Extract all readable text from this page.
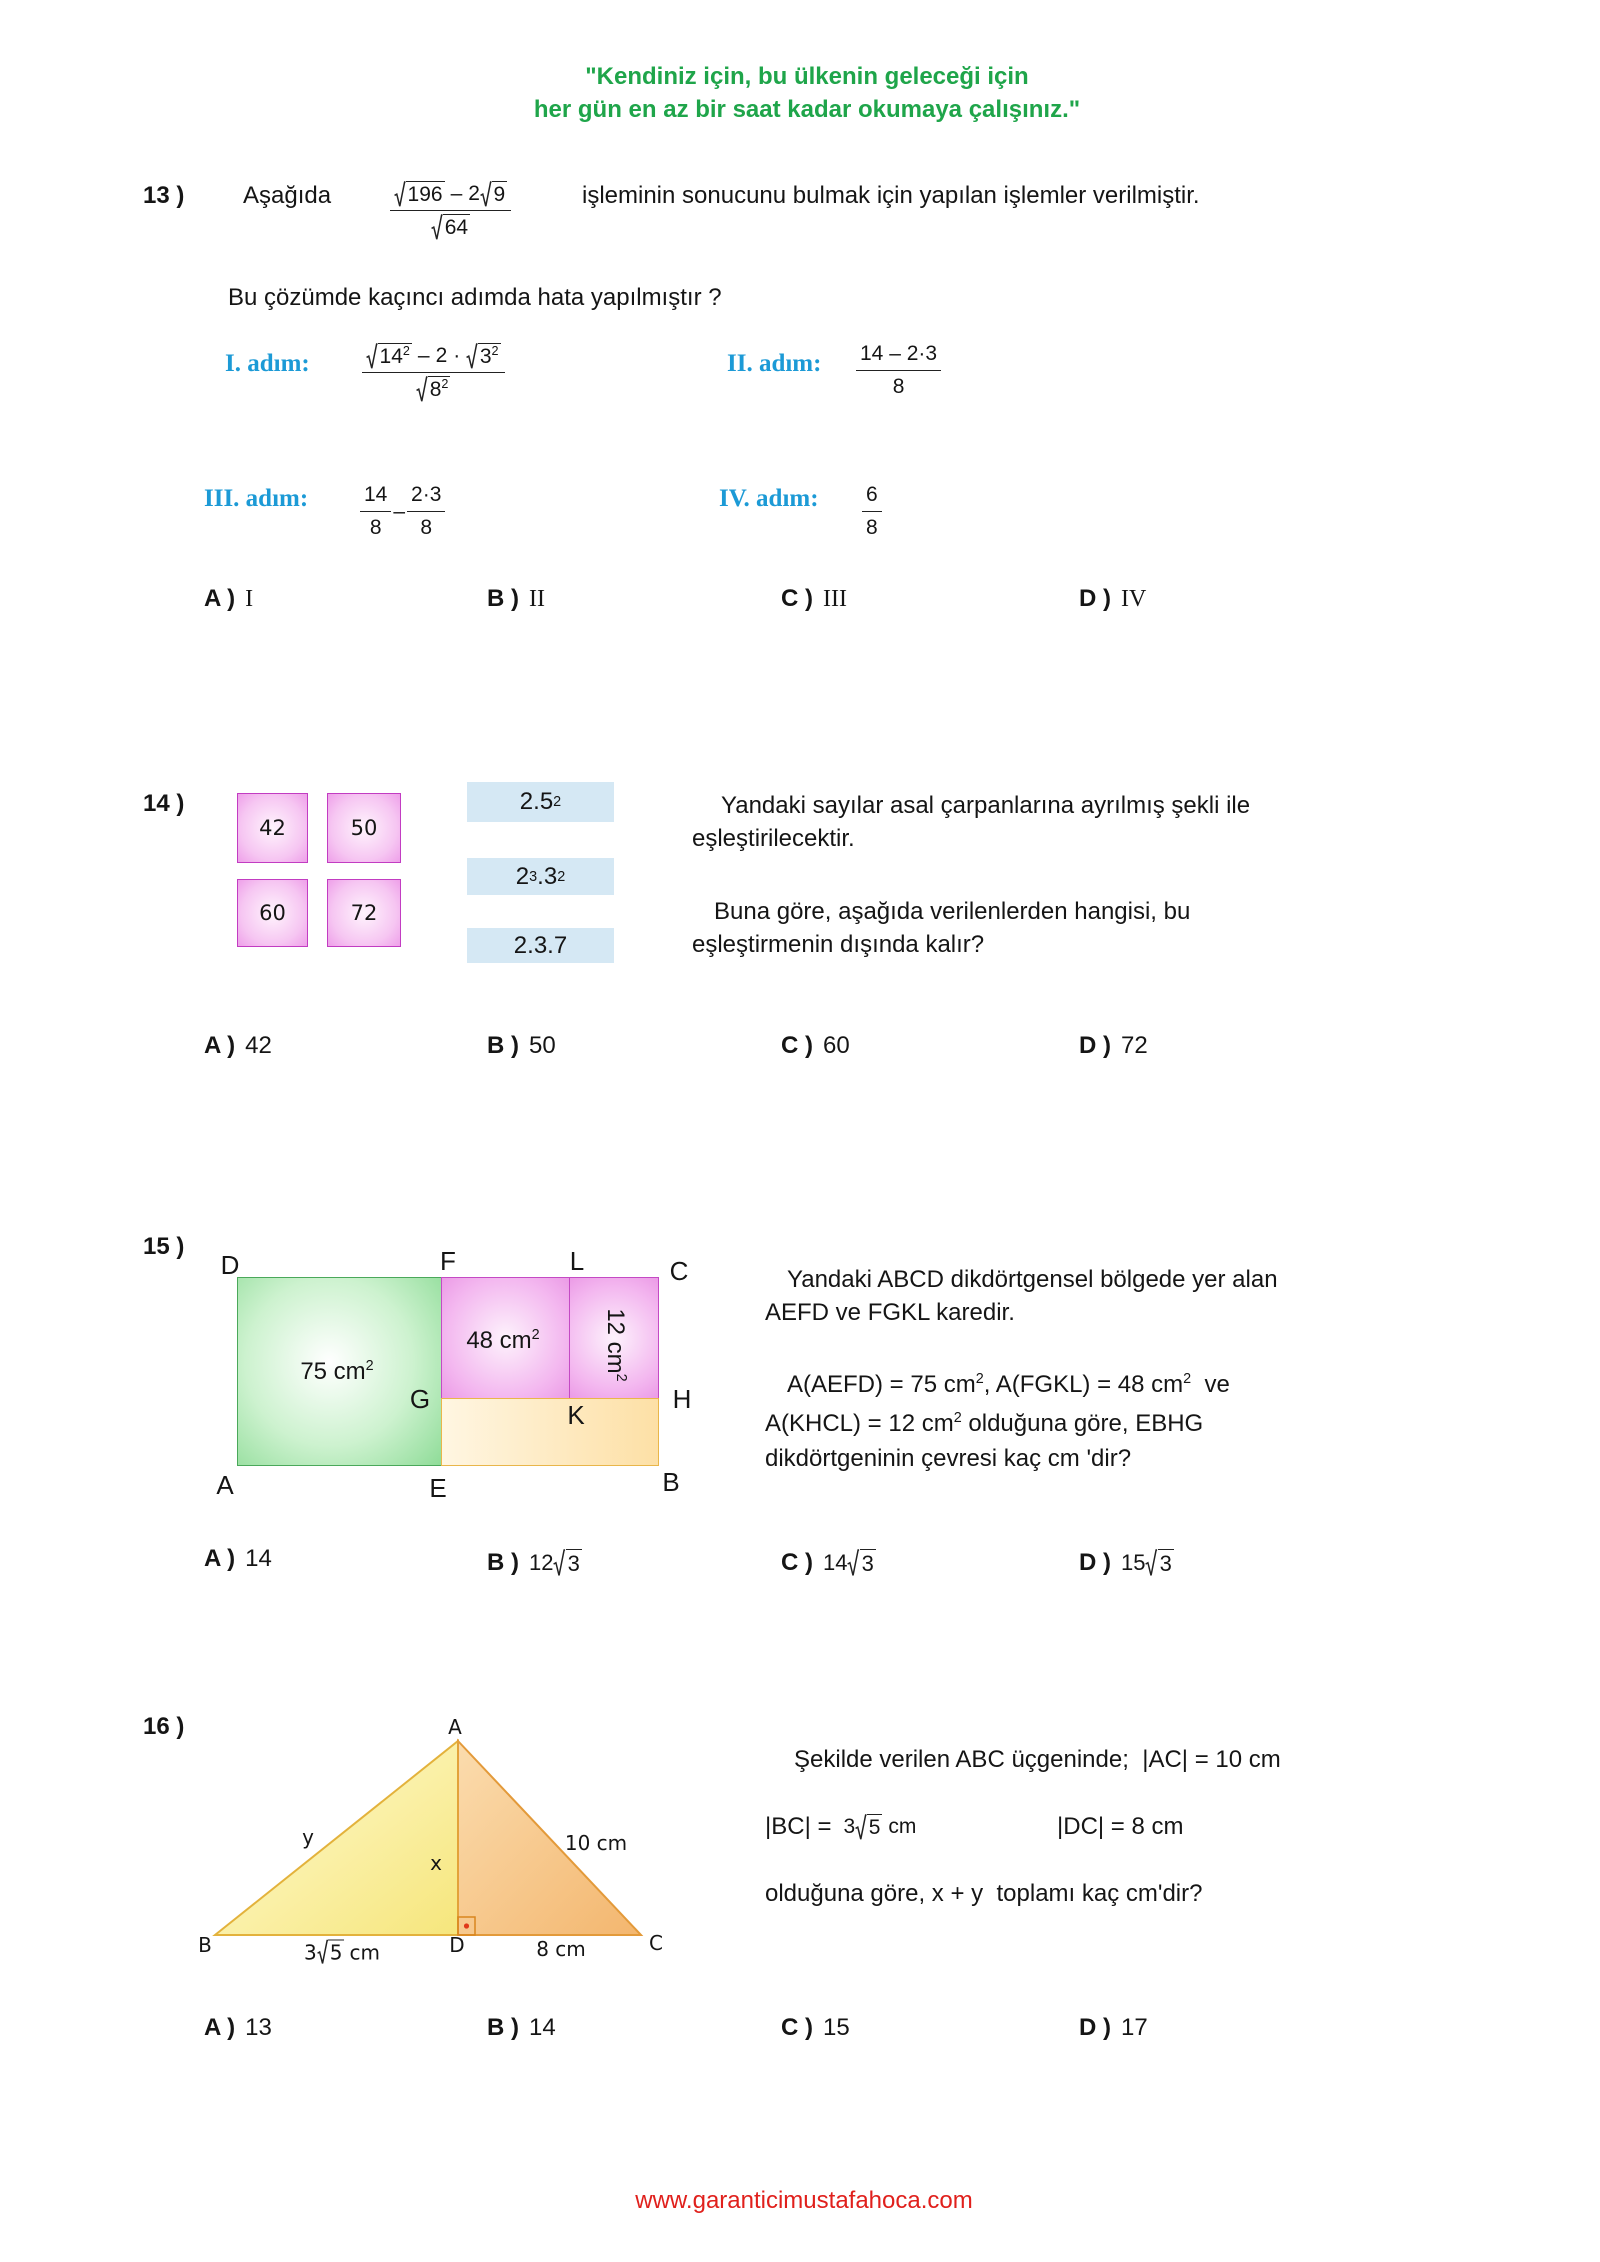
"Kendiniz için, bu ülkenin geleceği için
her gün en az bir saat kadar okumaya çalışınız."
13 ) Aşağıda	$\frac{196 - 2 9}{64}$	işleminin sonucunu bulmak için yapılan işlemler verilmiştir.
Bu çözümde kaçıncı adımda hata yapılmıştır ?
I. adım:	$14^2 - 2 \cdot 3^2$
$8^2$
II. adım: $\frac{14 - 2\cdot 3}{8}$
III. adım: $\frac{14}{8} - \frac{2\cdot 3}{8}$	IV. adım: $\frac{6}{8}$
A ) I	B ) II	C ) III	D ) IV
14 )
42	50
60	72
2.5 2
2 3 .3 2
2.3.7
Yandaki sayılar asal çarpanlarına ayrılmış şekli ile
eşleştirilecektir.
Buna göre, aşağıda verilenlerden hangisi, bu
eşleştirmenin dışında kalır?
A ) 42	B ) 50	C ) 60	D ) 72
15 )
D	F	L	C
G
K
H
A	E	B
75 $cm^2$
48 $cm^2$	12 $cm^2$
Yandaki ABCD dikdörtgensel bölgede yer alan
AEFD ve FGKL karedir.
A(AEFD) = 75 $cm^2$, A(FGKL) = 48 $cm^2$  ve
A(KHCL) = 12 $cm^2$ olduğuna göre, EBHG
dikdörtgeninin çevresi kaç cm 'dir?
A ) 14	B ) 12 3	C ) 14 3	D ) 15 3
16 )	A
y
x
10 cm
B	3 5 cm	D	8 cm	C
Şekilde verilen ABC üçgeninde;  |AC| = 10 cm
|BC| = 3 5 cm	|DC| = 8 cm
olduğuna göre, x + y  toplamı kaç cm'dir?
A ) 13	B ) 14	C ) 15	D ) 17
www.garanticimustafahoca.com
